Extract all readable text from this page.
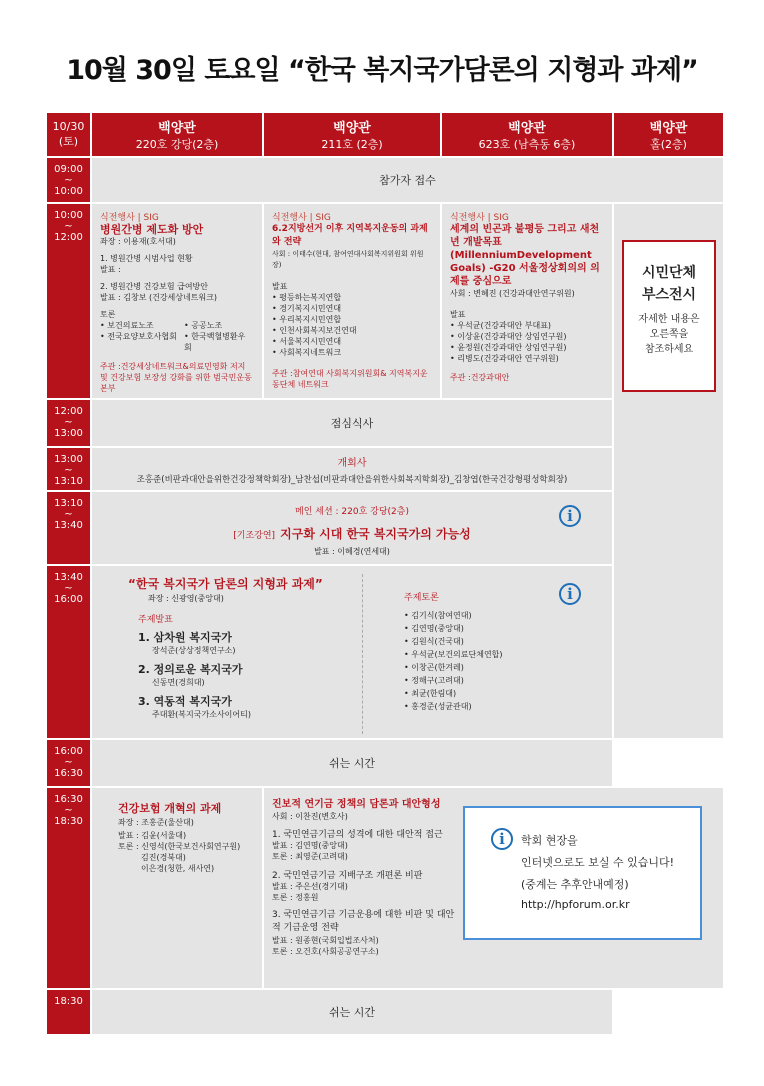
10월 30일 토요일 “한국 복지국가담론의 지형과 과제”
10/30
(토)
백양관
220호 강당(2층)
백양관
211호 (2층)
백양관
623호 (남측동 6층)
백양관
홀(2층)
09:00
~
10:00
10:00
~
12:00
12:00
~
13:00
13:00
~
13:10
13:10
~
13:40
13:40
~
16:00
16:00
~
16:30
16:30
~
18:30
18:30
참가자 접수
식전행사 | SIG
병원간병 제도화 방안
좌장 : 이용재(호서대)
1. 병원간병 시범사업 현황
발표 :
2. 병원간병 건강보험 급여방안
발표 : 김창보 (건강세상네트워크)
토론
• 보건의료노조	• 공공노조
• 전국요양보호사협회 • 한국백혈병환우회
주관 :건강세상네트워크&의료민영화 저지 및 건강보험 보장성 강화를 위한 범국민운동본부
식전행사 | SIG
6.2지방선거 이후 지역복지운동의 과제와 전략
사회 : 이태수(현대, 참여연대사회복지위원회 위원장)
발표
• 평등하는복지연합
• 경기복지시민연대
• 우리복지시민연합
• 인천사회복지보건연대
• 서울복지시민연대
• 사회복지네트워크
주관 :참여연대 사회복지위원회& 지역복지운동단체 네트워크
식전행사 | SIG
세계의 빈곤과 불평등 그리고 새천년 개발목표 (MillenniumDevelopment Goals) -G20 서울정상회의의 의제를 중심으로
사회 : 변혜진 (건강과대안연구위원)
발표
• 우석균(건강과대안 부대표)
• 이상윤(건강과대안 상임연구원)
• 윤정원(건강과대안 상임연구원)
• 리병도(건강과대안 연구위원)
주관 :건강과대안
시민단체
부스전시
자세한 내용은
오른쪽을
참조하세요
점심식사
개회사
조홍준(비판과대안을위한건강정책학회장)_남찬섭(비판과대안을위한사회복지학회장)_김창엽(한국건강형평성학회장)
메인 세션 : 220호 강당(2층)
[기조강연] 지구화 시대 한국 복지국가의 가능성
발표 : 이혜경(연세대)
i
“한국 복지국가 담론의 지형과 과제”
좌장 : 신광영(중앙대)
주제발표
1. 삼차원 복지국가
장석준(상상정책연구소)
2. 정의로운 복지국가
신동면(경희대)
3. 역동적 복지국가
주대환(복지국가소사이어티)
주제토론
• 김기식(참여연대)
• 김연명(중앙대)
• 김원식(건국대)
• 우석균(보건의료단체연합)
• 이창곤(한겨레)
• 정해구(고려대)
• 최균(한림대)
• 홍경준(성균관대)
i
쉬는 시간
건강보험 개혁의 과제
좌장 : 조홍준(울산대)
발표 : 김윤(서울대)
토론 : 신영석(한국보건사회연구원)
김진(경북대)
이은경(청한, 새사연)
진보적 연기금 정책의 담론과 대안형성
사회 : 이찬진(변호사)
1. 국민연금기금의 성격에 대한 대안적 접근
발표 : 김연명(중앙대)
토론 : 최영준(고려대)
2. 국민연금기금 지배구조 개편론 비판
발표 : 주은선(경기대)
토론 : 정홍원
3. 국민연금기금 기금운용에 대한 비판 및 대안적 기금운영 전략
발표 : 원종현(국회입법조사처)
토론 : 오건호(사회공공연구소)
i	학회 현장을
인터넷으로도 보실 수 있습니다!
(중계는 추후안내예정)
http://hpforum.or.kr
쉬는 시간
